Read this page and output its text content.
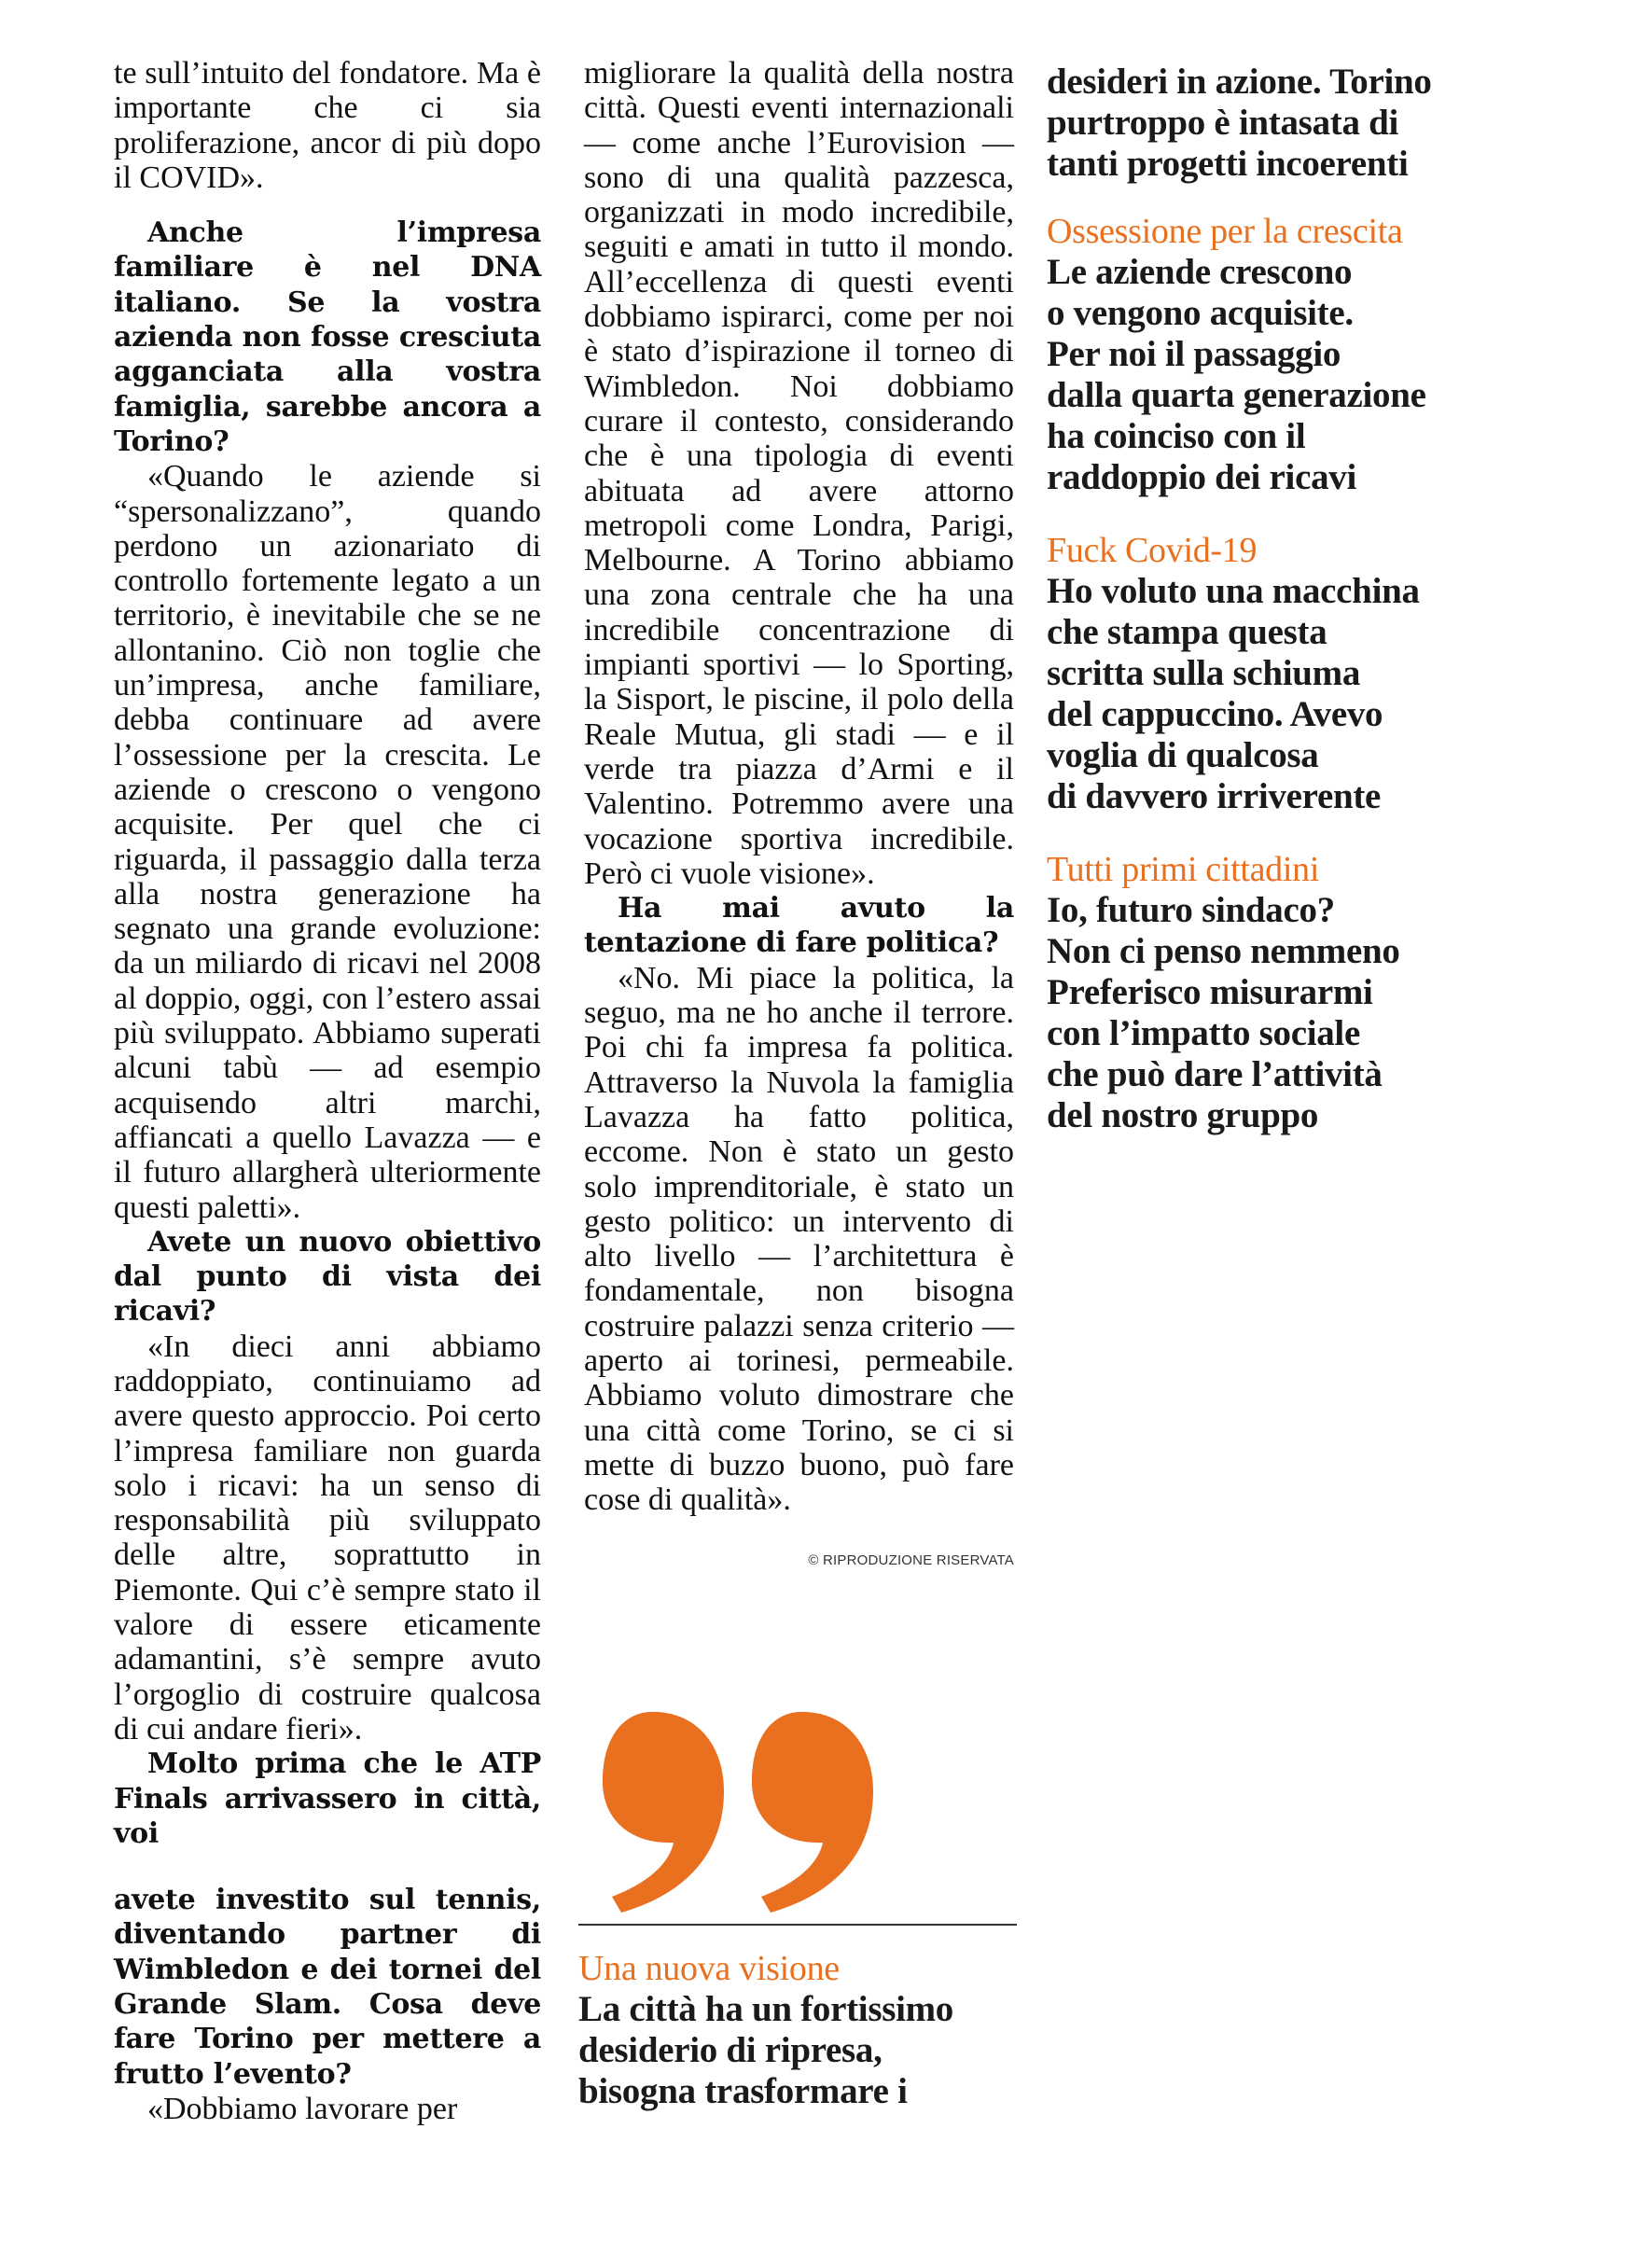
te sull’intuito del fondatore. Ma è importante che ci sia proliferazione, ancor di più dopo il COVID».

Anche l’impresa familiare è nel DNA italiano. Se la vostra azienda non fosse cresciuta agganciata alla vostra famiglia, sarebbe ancora a Torino?

«Quando le aziende si “spersonalizzano”, quando perdono un azionariato di controllo fortemente legato a un territorio, è inevitabile che se ne allontanino. Ciò non toglie che un’impresa, anche familiare, debba continuare ad avere l’ossessione per la crescita. Le aziende o crescono o vengono acquisite. Per quel che ci riguarda, il passaggio dalla terza alla nostra generazione ha segnato una grande evoluzione: da un miliardo di ricavi nel 2008 al doppio, oggi, con l’estero assai più sviluppato. Abbiamo superati alcuni tabù — ad esempio acquisendo altri marchi, affiancati a quello Lavazza — e il futuro allargherà ulteriormente questi paletti».

Avete un nuovo obiettivo dal punto di vista dei ricavi?

«In dieci anni abbiamo raddoppiato, continuiamo ad avere questo approccio. Poi certo l’impresa familiare non guarda solo i ricavi: ha un senso di responsabilità più sviluppato delle altre, soprattutto in Piemonte. Qui c’è sempre stato il valore di essere eticamente adamantini, s’è sempre avuto l’orgoglio di costruire qualcosa di cui andare fieri».

Molto prima che le ATP Finals arrivassero in città, voi

avete investito sul tennis, diventando partner di Wimbledon e dei tornei del Grande Slam. Cosa deve fare Torino per mettere a frutto l’evento?

«Dobbiamo lavorare per

migliorare la qualità della nostra città. Questi eventi internazionali — come anche l’Eurovision — sono di una qualità pazzesca, organizzati in modo incredibile, seguiti e amati in tutto il mondo. All’eccellenza di questi eventi dobbiamo ispirarci, come per noi è stato d’ispirazione il torneo di Wimbledon. Noi dobbiamo curare il contesto, considerando che è una tipologia di eventi abituata ad avere attorno metropoli come Londra, Parigi, Melbourne. A Torino abbiamo una zona centrale che ha una incredibile concentrazione di impianti sportivi — lo Sporting, la Sisport, le piscine, il polo della Reale Mutua, gli stadi — e il verde tra piazza d’Armi e il Valentino. Potremmo avere una vocazione sportiva incredibile. Però ci vuole visione».

Ha mai avuto la tentazione di fare politica?

«No. Mi piace la politica, la seguo, ma ne ho anche il terrore. Poi chi fa impresa fa politica. Attraverso la Nuvola la famiglia Lavazza ha fatto politica, eccome. Non è stato un gesto solo imprenditoriale, è stato un gesto politico: un intervento di alto livello — l’architettura è fondamentale, non bisogna costruire palazzi senza criterio — aperto ai torinesi, permeabile. Abbiamo voluto dimostrare che una città come Torino, se ci si mette di buzzo buono, può fare cose di qualità».

© RIPRODUZIONE RISERVATA
Una nuova visione
La città ha un fortissimo
desiderio di ripresa,
bisogna trasformare i
desideri in azione. Torino
purtroppo è intasata di
tanti progetti incoerenti
Ossessione per la crescita
Le aziende crescono
o vengono acquisite.
Per noi il passaggio
dalla quarta generazione
ha coinciso con il
raddoppio dei ricavi
Fuck Covid-19
Ho voluto una macchina
che stampa questa
scritta sulla schiuma
del cappuccino. Avevo
voglia di qualcosa
di davvero irriverente
Tutti primi cittadini
Io, futuro sindaco?
Non ci penso nemmeno
Preferisco misurarmi
con l’impatto sociale
che può dare l’attività
del nostro gruppo
